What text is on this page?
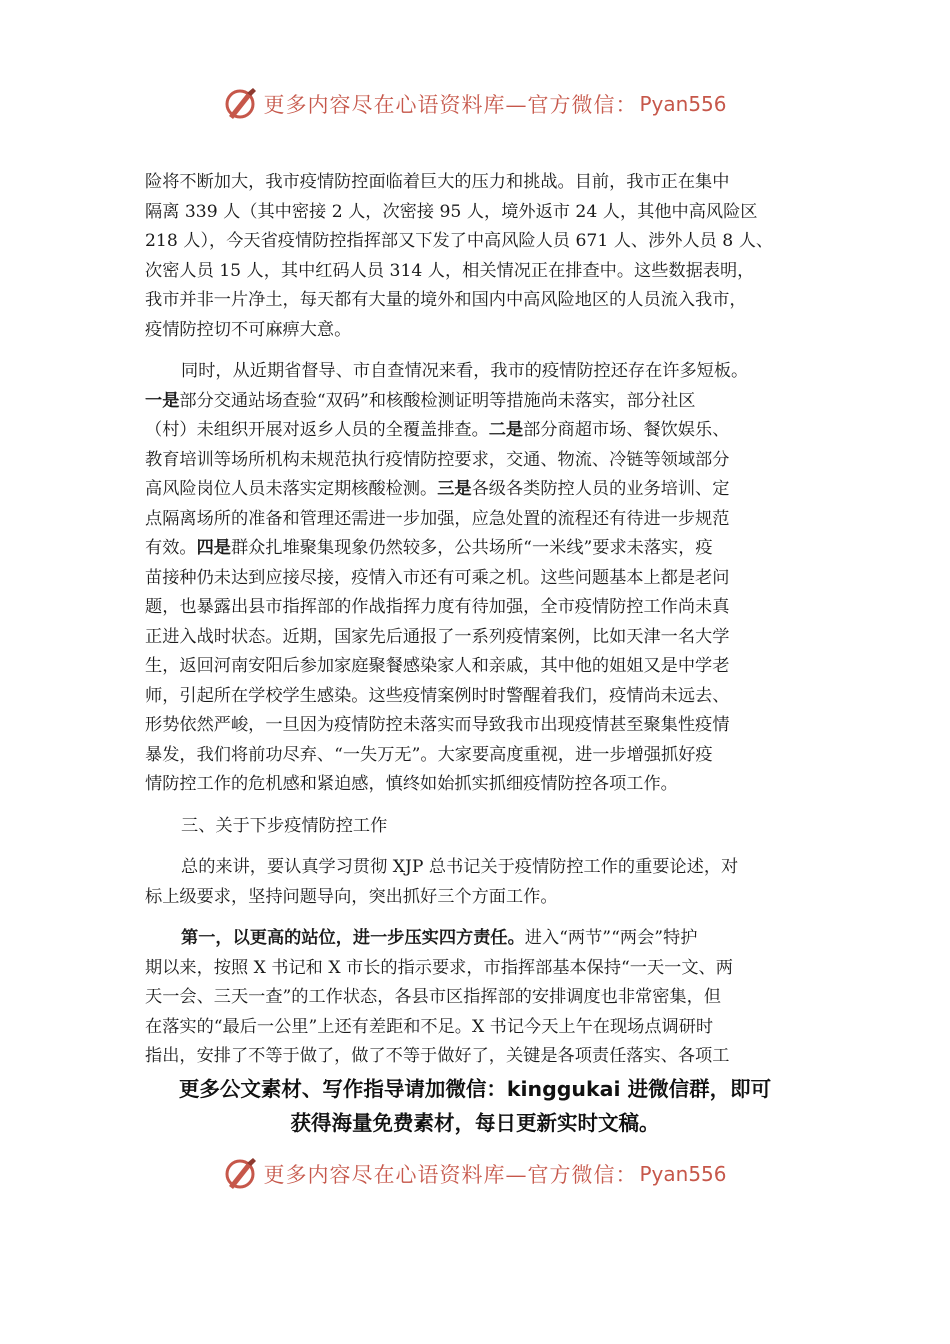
更多内容尽在心语资料库—官方微信： Pyan556
险将不断加大，我市疫情防控面临着巨大的压力和挑战。目前，我市正在集中
隔离 339 人（其中密接 2 人，次密接 95 人，境外返市 24 人，其他中高风险区
218 人），今天省疫情防控指挥部又下发了中高风险人员 671 人、涉外人员 8 人、
次密人员 15 人，其中红码人员 314 人，相关情况正在排查中。这些数据表明，
我市并非一片净土，每天都有大量的境外和国内中高风险地区的人员流入我市，
疫情防控切不可麻痹大意。
同时，从近期省督导、市自查情况来看，我市的疫情防控还存在许多短板。
一是部分交通站场查验“双码”和核酸检测证明等措施尚未落实，部分社区
（村）未组织开展对返乡人员的全覆盖排查。二是部分商超市场、餐饮娱乐、
教育培训等场所机构未规范执行疫情防控要求，交通、物流、冷链等领域部分
高风险岗位人员未落实定期核酸检测。三是各级各类防控人员的业务培训、定
点隔离场所的准备和管理还需进一步加强，应急处置的流程还有待进一步规范
有效。四是群众扎堆聚集现象仍然较多，公共场所“一米线”要求未落实，疫
苗接种仍未达到应接尽接，疫情入市还有可乘之机。这些问题基本上都是老问
题，也暴露出县市指挥部的作战指挥力度有待加强，全市疫情防控工作尚未真
正进入战时状态。近期，国家先后通报了一系列疫情案例，比如天津一名大学
生，返回河南安阳后参加家庭聚餐感染家人和亲戚，其中他的姐姐又是中学老
师，引起所在学校学生感染。这些疫情案例时时警醒着我们，疫情尚未远去、
形势依然严峻，一旦因为疫情防控未落实而导致我市出现疫情甚至聚集性疫情
暴发，我们将前功尽弃、“一失万无”。大家要高度重视，进一步增强抓好疫
情防控工作的危机感和紧迫感，慎终如始抓实抓细疫情防控各项工作。
三、关于下步疫情防控工作
总的来讲，要认真学习贯彻 XJP 总书记关于疫情防控工作的重要论述，对
标上级要求，坚持问题导向，突出抓好三个方面工作。
第一，以更高的站位，进一步压实四方责任。进入“两节”“两会”特护
期以来，按照 X 书记和 X 市长的指示要求，市指挥部基本保持“一天一文、两
天一会、三天一查”的工作状态，各县市区指挥部的安排调度也非常密集，但
在落实的“最后一公里”上还有差距和不足。X 书记今天上午在现场点调研时
指出，安排了不等于做了，做了不等于做好了，关键是各项责任落实、各项工
更多公文素材、写作指导请加微信：kinggukai 进微信群，即可
获得海量免费素材，每日更新实时文稿。
更多内容尽在心语资料库—官方微信： Pyan556
